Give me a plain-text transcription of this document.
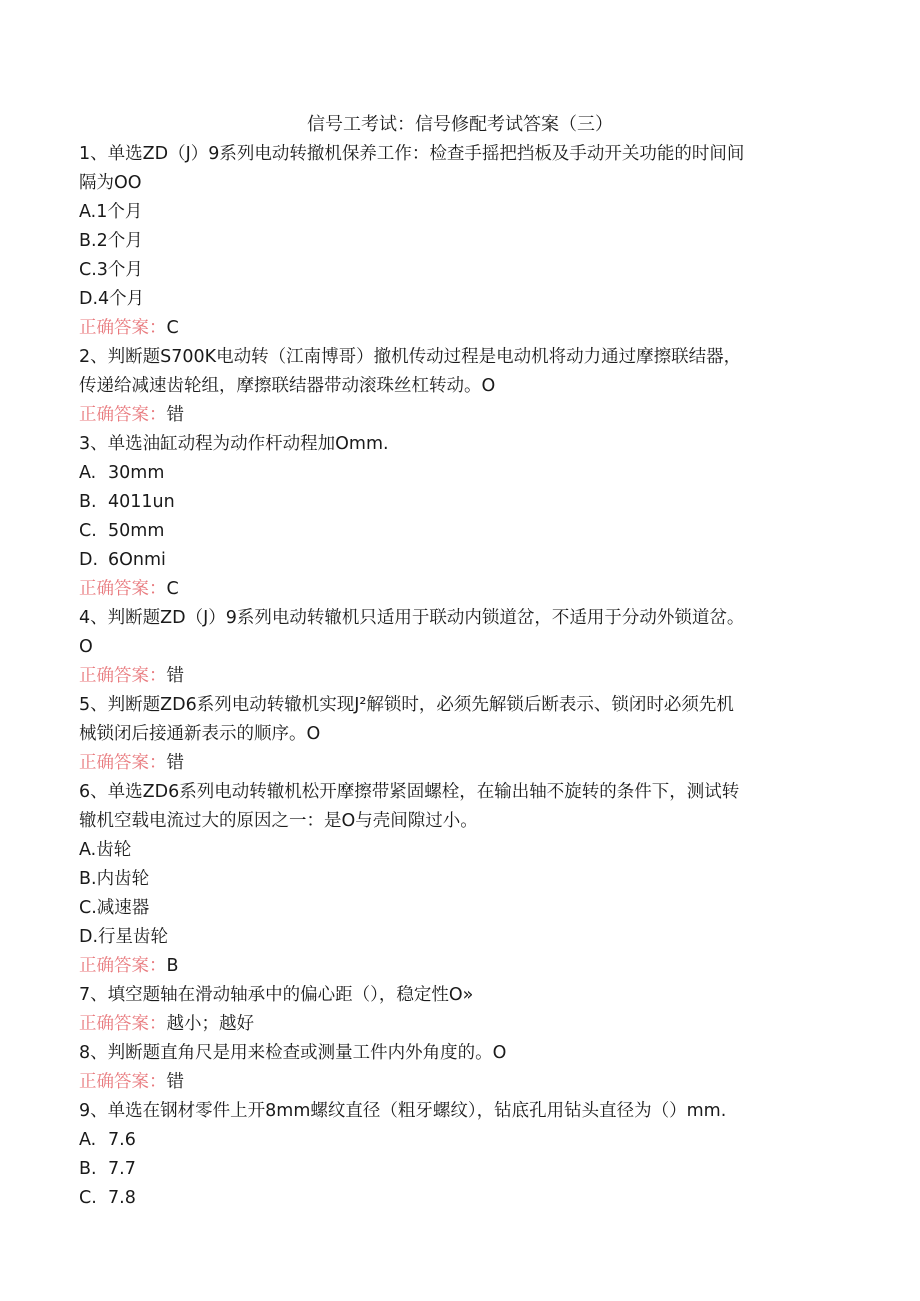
信号工考试：信号修配考试答案（三）
1、单选ZD（J）9系列电动转撤机保养工作：检查手摇把挡板及手动开关功能的时间间
隔为OO
A.1个月
B.2个月
C.3个月
D.4个月
正确答案： C
2、判断题S700K电动转（江南博哥）撤机传动过程是电动机将动力通过摩擦联结器，
传递给减速齿轮组，摩擦联结器带动滚珠丝杠转动。O
正确答案： 错
3、单选油缸动程为动作杆动程加Omm.
A. 30mm
B. 4011un
C. 50mm
D. 6Onmi
正确答案： C
4、判断题ZD（J）9系列电动转辙机只适用于联动内锁道岔，不适用于分动外锁道岔。
O
正确答案： 错
5、判断题ZD6系列电动转辙机实现J²解锁时，必须先解锁后断表示、锁闭时必须先机
械锁闭后接通新表示的顺序。O
正确答案： 错
6、单选ZD6系列电动转辙机松开摩擦带紧固螺栓，在输出轴不旋转的条件下，测试转
辙机空载电流过大的原因之一：是O与壳间隙过小。
A.齿轮
B.内齿轮
C.减速器
D.行星齿轮
正确答案： B
7、填空题轴在滑动轴承中的偏心距（），稳定性O»
正确答案： 越小；越好
8、判断题直角尺是用来检查或测量工件内外角度的。O
正确答案： 错
9、单选在钢材零件上开8mm螺纹直径（粗牙螺纹），钻底孔用钻头直径为（）mm.
A. 7.6
B. 7.7
C. 7.8
